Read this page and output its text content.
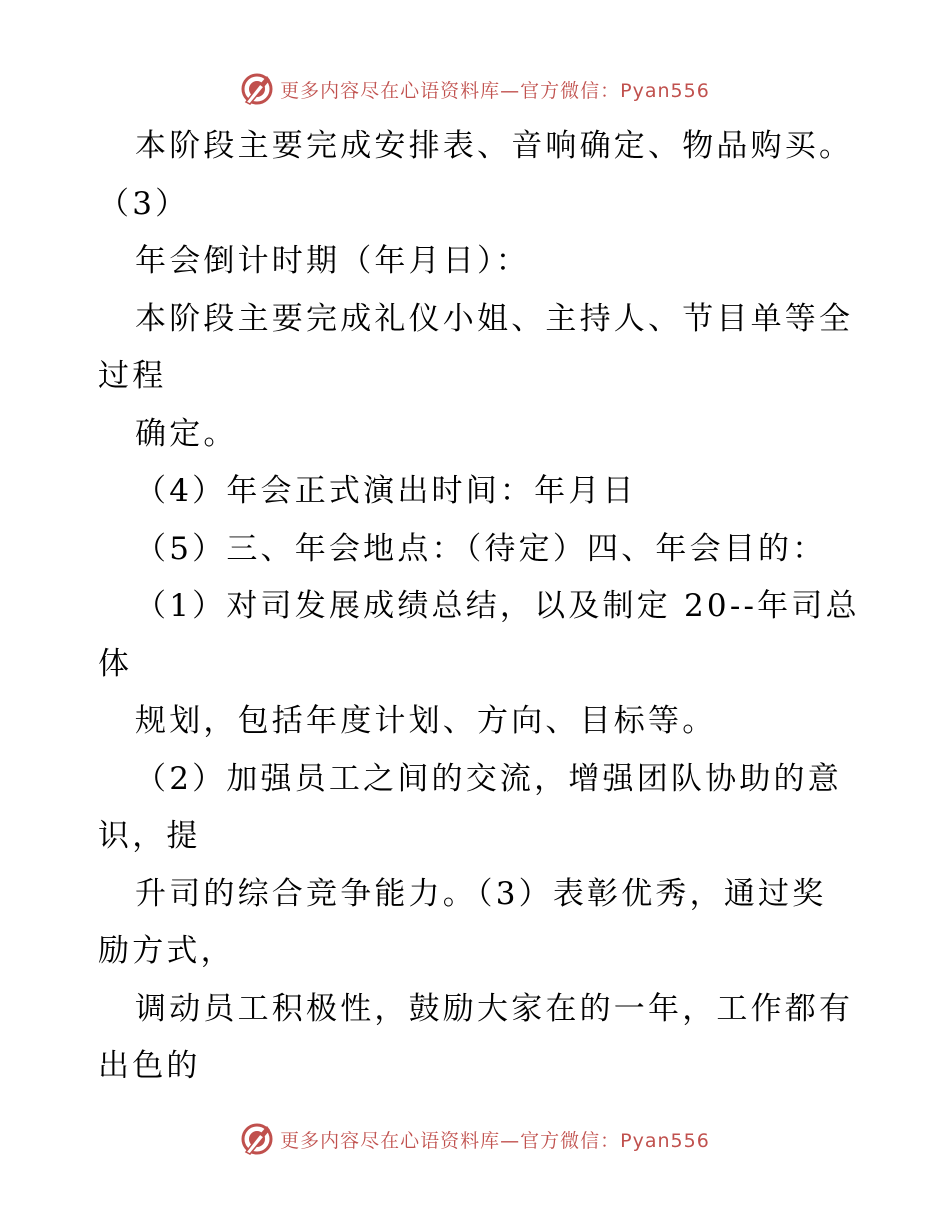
更多内容尽在心语资料库—官方微信：Pyan556
本阶段主要完成安排表、音响确定、物品购买。
（3）
年会倒计时期（年月日）：
本阶段主要完成礼仪小姐、主持人、节目单等全
过程
确定。
（4）年会正式演出时间：年月日
（5）三、年会地点：（待定）四、年会目的：
（1）对司发展成绩总结，以及制定 20--年司总
体
规划，包括年度计划、方向、目标等。
（2）加强员工之间的交流，增强团队协助的意
识，提
升司的综合竞争能力。（3）表彰优秀，通过奖
励方式，
调动员工积极性，鼓励大家在的一年，工作都有
出色的
更多内容尽在心语资料库—官方微信：Pyan556
